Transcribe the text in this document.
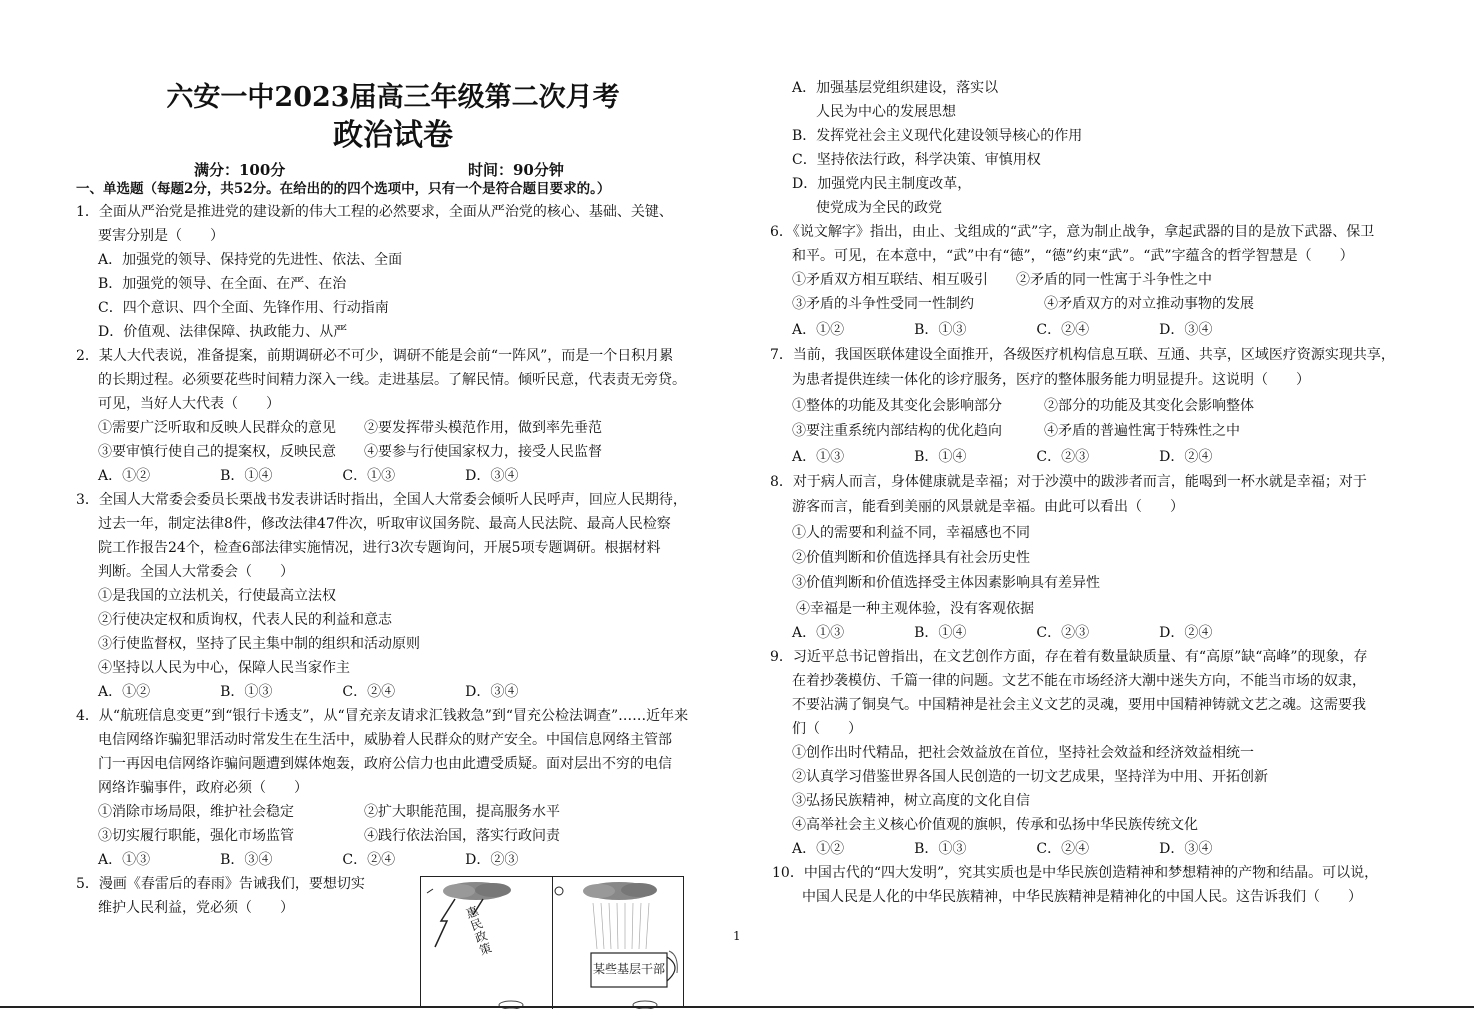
六安一中2023届高三年级第二次月考
政治试卷
满分：100分	时间：90分钟
一、单选题（每题2分，共52分。在给出的的四个选项中，只有一个是符合题目要求的。）
1．全面从严治党是推进党的建设新的伟大工程的必然要求，全面从严治党的核心、基础、关键、
要害分别是（　　）
A．加强党的领导、保持党的先进性、依法、全面
B．加强党的领导、在全面、在严、在治
C．四个意识、四个全面、先锋作用、行动指南
D．价值观、法律保障、执政能力、从严
2．某人大代表说，准备提案，前期调研必不可少，调研不能是会前“一阵风”，而是一个日积月累
的长期过程。必须要花些时间精力深入一线。走进基层。了解民情。倾听民意，代表责无旁贷。
可见，当好人大代表（　　）
①需要广泛听取和反映人民群众的意见　　②要发挥带头模范作用，做到率先垂范
③要审慎行使自己的提案权，反映民意　　④要参与行使国家权力，接受人民监督
A．①②　　　　　B．①④　　　　　C．①③　　　　　D．③④
3．全国人大常委会委员长栗战书发表讲话时指出，全国人大常委会倾听人民呼声，回应人民期待，
过去一年，制定法律8件，修改法律47件次，听取审议国务院、最高人民法院、最高人民检察
院工作报告24个，检查6部法律实施情况，进行3次专题询问，开展5项专题调研。根据材料
判断。全国人大常委会（　　）
①是我国的立法机关，行使最高立法权
②行使决定权和质询权，代表人民的利益和意志
③行使监督权，坚持了民主集中制的组织和活动原则
④坚持以人民为中心，保障人民当家作主
A．①②　　　　　B．①③　　　　　C．②④　　　　　D．③④
4．从“航班信息变更”到“银行卡透支”，从“冒充亲友请求汇钱救急”到“冒充公检法调查”……近年来
电信网络诈骗犯罪活动时常发生在生活中，威胁着人民群众的财产安全。中国信息网络主管部
门一再因电信网络诈骗问题遭到媒体炮轰，政府公信力也由此遭受质疑。面对层出不穷的电信
网络诈骗事件，政府必须（　　）
①消除市场局限，维护社会稳定　　　　　②扩大职能范围，提高服务水平
③切实履行职能，强化市场监管　　　　　④践行依法治国，落实行政问责
A．①③　　　　　B．③④　　　　　C．②④　　　　　D．②③
5．漫画《春雷后的春雨》告诫我们，要想切实
维护人民利益，党必须（　　）	惠民政策
某些基层干部
1
A．加强基层党组织建设，落实以
人民为中心的发展思想
B．发挥党社会主义现代化建设领导核心的作用
C．坚持依法行政，科学决策、审慎用权
D．加强党内民主制度改革，
使党成为全民的政党
6．《说文解字》指出，由止、戈组成的“武”字，意为制止战争，拿起武器的目的是放下武器、保卫
和平。可见，在本意中，“武”中有“德”，“德”约束“武”。“武”字蕴含的哲学智慧是（　　）
①矛盾双方相互联结、相互吸引　　②矛盾的同一性寓于斗争性之中
③矛盾的斗争性受同一性制约　　　　　④矛盾双方的对立推动事物的发展
A．①②　　　　　B．①③　　　　　C．②④　　　　　D．③④
7．当前，我国医联体建设全面推开，各级医疗机构信息互联、互通、共享，区域医疗资源实现共享，
为患者提供连续一体化的诊疗服务，医疗的整体服务能力明显提升。这说明（　　）
①整体的功能及其变化会影响部分　　　②部分的功能及其变化会影响整体
③要注重系统内部结构的优化趋向　　　④矛盾的普遍性寓于特殊性之中
A．①③　　　　　B．①④　　　　　C．②③　　　　　D．②④
8．对于病人而言，身体健康就是幸福；对于沙漠中的跋涉者而言，能喝到一杯水就是幸福；对于
游客而言，能看到美丽的风景就是幸福。由此可以看出（　　）
①人的需要和利益不同，幸福感也不同
②价值判断和价值选择具有社会历史性
③价值判断和价值选择受主体因素影响具有差异性
④幸福是一种主观体验，没有客观依据
A．①③　　　　　B．①④　　　　　C．②③　　　　　D．②④
9．习近平总书记曾指出，在文艺创作方面，存在着有数量缺质量、有“高原”缺“高峰”的现象，存
在着抄袭模仿、千篇一律的问题。文艺不能在市场经济大潮中迷失方向，不能当市场的奴隶，
不要沾满了铜臭气。中国精神是社会主义文艺的灵魂，要用中国精神铸就文艺之魂。这需要我
们（　　）
①创作出时代精品，把社会效益放在首位，坚持社会效益和经济效益相统一
②认真学习借鉴世界各国人民创造的一切文艺成果，坚持洋为中用、开拓创新
③弘扬民族精神，树立高度的文化自信
④高举社会主义核心价值观的旗帜，传承和弘扬中华民族传统文化
A．①②　　　　　B．①③　　　　　C．②④　　　　　D．③④
10．中国古代的“四大发明”，究其实质也是中华民族创造精神和梦想精神的产物和结晶。可以说，
中国人民是人化的中华民族精神，中华民族精神是精神化的中国人民。这告诉我们（　　）
